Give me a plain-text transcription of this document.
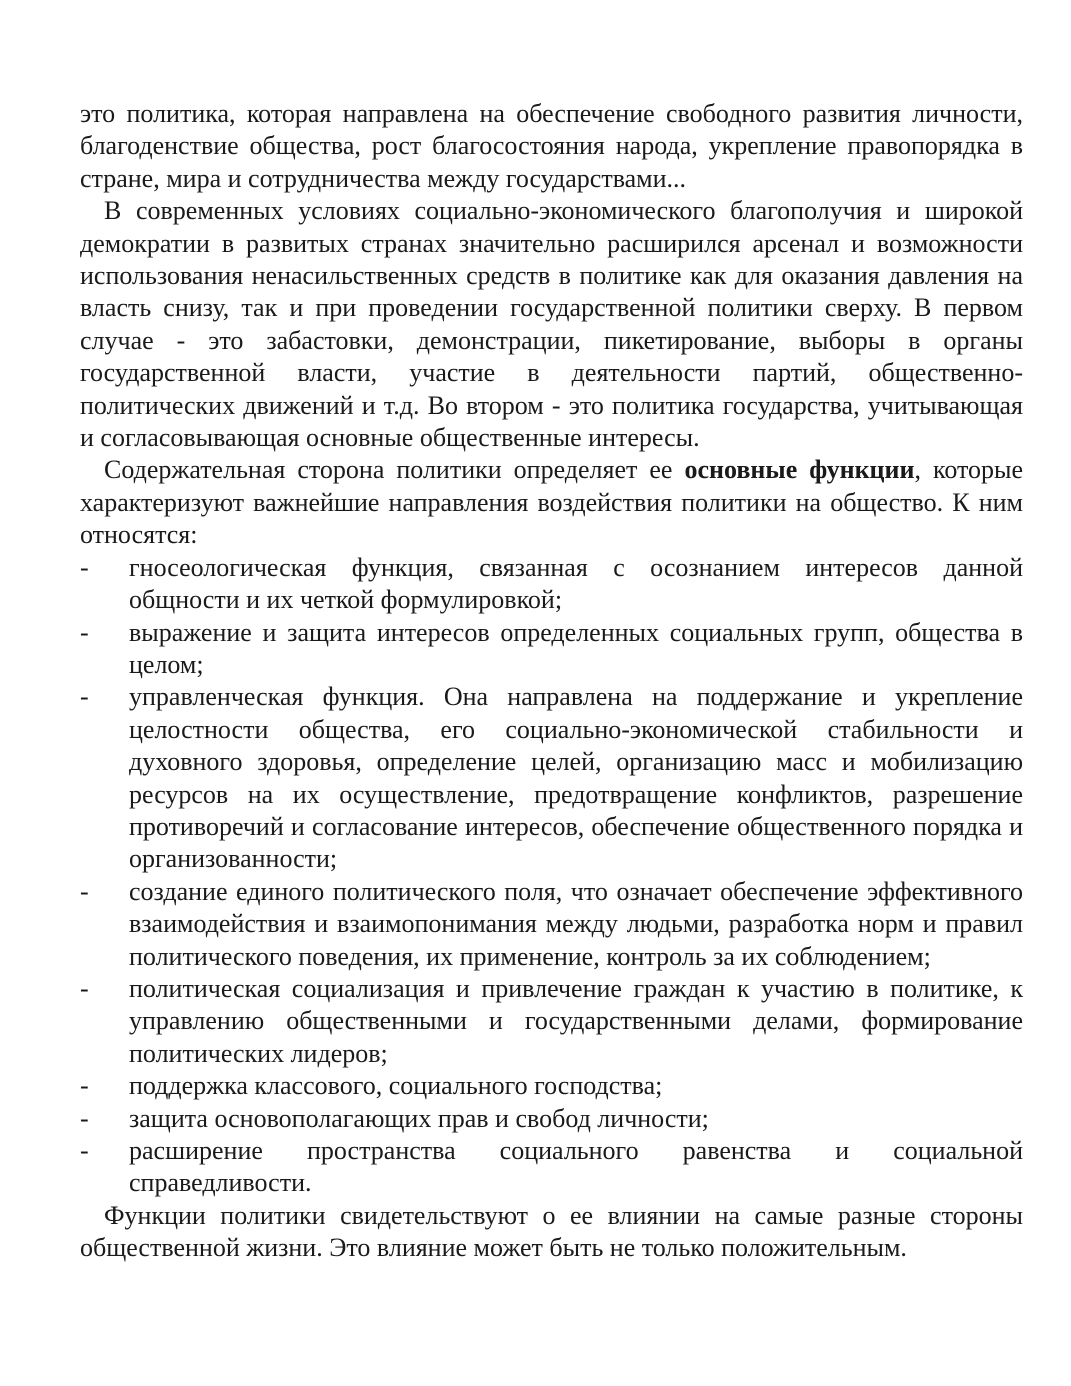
это политика, которая направлена на обеспечение свободного развития личности, благоденствие общества, рост благосостояния народа, укрепление правопорядка в стране, мира и сотрудничества между государствами...

В современных условиях социально-экономического благополучия и широкой демократии в развитых странах значительно расширился арсенал и возможности использования ненасильственных средств в политике как для оказания давления на власть снизу, так и при проведении государственной политики сверху. В первом случае - это забастовки, демонстрации, пикетирование, выборы в органы государственной власти, участие в деятельности партий, общественно-политических движений и т.д. Во втором - это политика государства, учитывающая и согласовывающая основные общественные интересы.

Содержательная сторона политики определяет ее основные функции, которые характеризуют важнейшие направления воздействия политики на общество. К ним относятся:

- гносеологическая функция, связанная с осознанием интересов данной общности и их четкой формулировкой;
- выражение и защита интересов определенных социальных групп, общества в целом;
- управленческая функция. Она направлена на поддержание и укрепление целостности общества, его социально-экономической стабильности и духовного здоровья, определение целей, организацию масс и мобилизацию ресурсов на их осуществление, предотвращение конфликтов, разрешение противоречий и согласование интересов, обеспечение общественного порядка и организованности;
- создание единого политического поля, что означает обеспечение эффективного взаимодействия и взаимопонимания между людьми, разработка норм и правил политического поведения, их применение, контроль за их соблюдением;
- политическая социализация и привлечение граждан к участию в политике, к управлению общественными и государственными делами, формирование политических лидеров;
- поддержка классового, социального господства;
- защита основополагающих прав и свобод личности;
- расширение пространства социального равенства и социальной справедливости.

Функции политики свидетельствуют о ее влиянии на самые разные стороны общественной жизни. Это влияние может быть не только положительным.
